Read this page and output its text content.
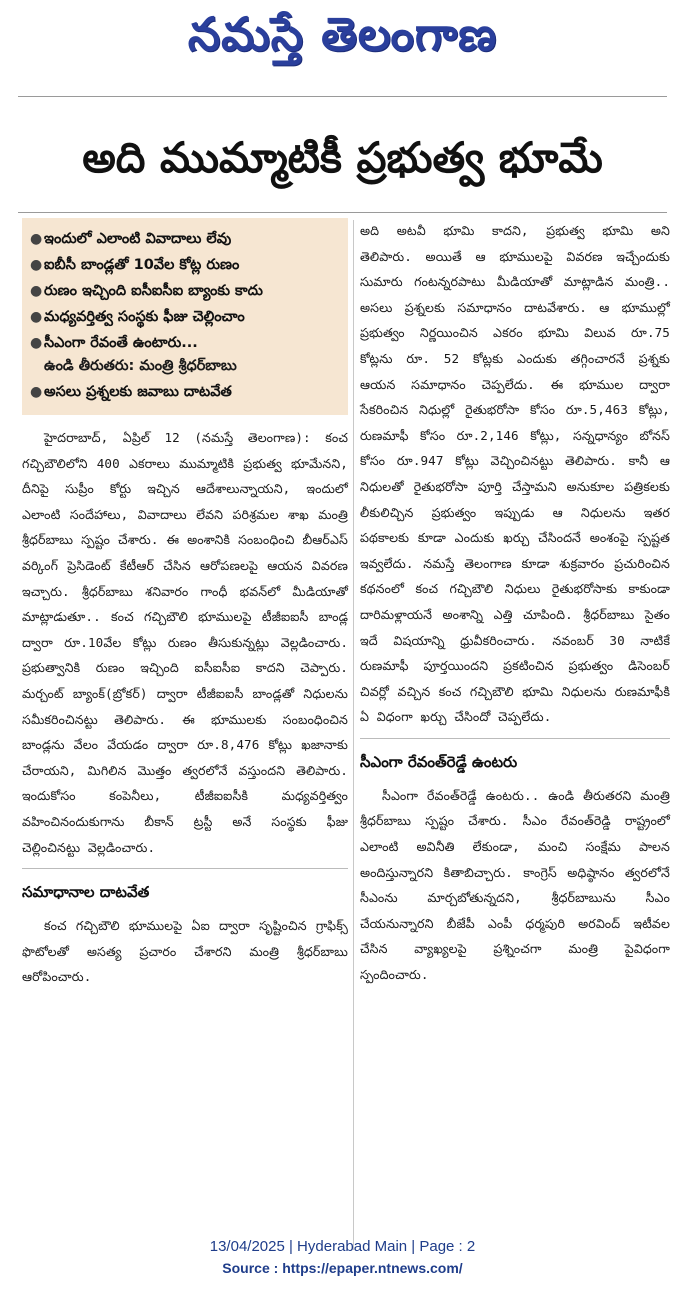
నమస్తే తెలంగాణ
అది ముమ్మాటికీ ప్రభుత్వ భూమే
● ఇందులో ఎలాంటి వివాదాలు లేవు
● ఐబీసీ బాండ్లతో 10వేల కోట్ల రుణం
● రుణం ఇచ్చింది ఐసీఐసీఐ బ్యాంకు కాదు
● మధ్యవర్తిత్వ సంస్థకు ఫీజు చెల్లించాం
● సీఎంగా రేవంతే ఉంటారు...
ఉండి తీరుతరు: మంత్రి శ్రీధర్‌బాబు
● అసలు ప్రశ్నలకు జవాబు దాటవేత

హైదరాబాద్, ఏప్రిల్ 12 (నమస్తే తెలంగాణ): కంచ గచ్చిబౌలిలోని 400 ఎకరాలు ముమ్మాటికి ప్రభుత్వ భూమేనని, దీనిపై సుప్రీం కోర్టు ఇచ్చిన ఆదేశాలున్నాయని, ఇందులో ఎలాంటి సందేహాలు, వివాదాలు లేవని పరిశ్రమల శాఖ మంత్రి శ్రీధర్‌బాబు స్పష్టం చేశారు. ఈ అంశానికి సంబంధించి బీఆర్‌ఎస్ వర్కింగ్ ప్రెసిడెంట్ కేటీఆర్ చేసిన ఆరోపణలపై ఆయన వివరణ ఇచ్చారు. శ్రీధర్‌బాబు శనివారం గాంధీ భవన్‌లో మీడియాతో మాట్లాడుతూ.. కంచ గచ్చిబౌలి భూములపై టీజీఐఐసీ బాండ్ల ద్వారా రూ.10వేల కోట్లు రుణం తీసుకున్నట్లు వెల్లడించారు. ప్రభుత్వానికి రుణం ఇచ్చింది ఐసీఐసీఐ కాదని చెప్పారు. మర్చంట్ బ్యాంక్(బ్రోకర్) ద్వారా టీజీఐఐసీ బాండ్లతో నిధులను సమీకరించినట్టు తెలిపారు. ఈ భూములకు సంబంధించిన బాండ్లను వేలం వేయడం ద్వారా రూ.8,476 కోట్లు ఖజానాకు చేరాయని, మిగిలిన మొత్తం త్వరలోనే వస్తుందని తెలిపారు. ఇందుకోసం కంపెనీలు, టీజీఐఐసీకి మధ్యవర్తిత్వం వహించినందుకుగాను బీకాన్ ట్రస్టీ అనే సంస్థకు ఫీజు చెల్లించినట్టు వెల్లడించారు.

సమాధానాల దాటవేత

కంచ గచ్చిబౌలి భూములపై ఏఐ ద్వారా సృష్టించిన గ్రాఫిక్స్ ఫొటోలతో అసత్య ప్రచారం చేశారని మంత్రి శ్రీధర్‌బాబు ఆరోపించారు.

అది అటవీ భూమి కాదని, ప్రభుత్వ భూమి అని తెలిపారు. అయితే ఆ భూములపై వివరణ ఇచ్చేందుకు సుమారు గంటన్నరపాటు మీడియాతో మాట్లాడిన మంత్రి.. అసలు ప్రశ్నలకు సమాధానం దాటవేశారు. ఆ భూముల్లో ప్రభుత్వం నిర్ణయించిన ఎకరం భూమి విలువ రూ.75 కోట్లను రూ. 52 కోట్లకు ఎందుకు తగ్గించారనే ప్రశ్నకు ఆయన సమాధానం చెప్పలేదు. ఈ భూముల ద్వారా సేకరించిన నిధుల్లో రైతుభరోసా కోసం రూ.5,463 కోట్లు, రుణమాఫీ కోసం రూ.2,146 కోట్లు, సన్నధాన్యం బోనస్ కోసం రూ.947 కోట్లు వెచ్చించినట్టు తెలిపారు. కానీ ఆ నిధులతో రైతుభరోసా పూర్తి చేస్తామని అనుకూల పత్రికలకు లీకులిచ్చిన ప్రభుత్వం ఇప్పుడు ఆ నిధులను ఇతర పథకాలకు కూడా ఎందుకు ఖర్చు చేసిందనే అంశంపై స్పష్టత ఇవ్వలేదు. నమస్తే తెలంగాణ కూడా శుక్రవారం ప్రచురించిన కథనంలో కంచ గచ్చిబౌలి నిధులు రైతుభరోసాకు కాకుండా దారిమళ్లాయనే అంశాన్ని ఎత్తి చూపింది. శ్రీధర్‌బాబు సైతం ఇదే విషయాన్ని ధ్రువీకరించారు. నవంబర్ 30 నాటికే రుణమాఫీ పూర్తయిందని ప్రకటించిన ప్రభుత్వం డిసెంబర్ చివర్లో వచ్చిన కంచ గచ్చిబౌలి భూమి నిధులను రుణమాఫీకి ఏ విధంగా ఖర్చు చేసిందో చెప్పలేదు.

సీఎంగా రేవంత్‌రెడ్డే ఉంటరు

సీఎంగా రేవంత్‌రెడ్డే ఉంటరు.. ఉండి తీరుతరని మంత్రి శ్రీధర్‌బాబు స్పష్టం చేశారు. సీఎం రేవంత్‌రెడ్డి రాష్ట్రంలో ఎలాంటి అవినీతి లేకుండా, మంచి సంక్షేమ పాలన అందిస్తున్నారని కితాబిచ్చారు. కాంగ్రెస్ అధిష్ఠానం త్వరలోనే సీఎంను మార్చబోతున్నదని, శ్రీధర్‌బాబును సీఎం చేయనున్నారని బీజేపీ ఎంపీ ధర్మపురి అరవింద్ ఇటీవల చేసిన వ్యాఖ్యలపై ప్రశ్నించగా మంత్రి పైవిధంగా స్పందించారు.

13/04/2025 | Hyderabad Main | Page : 2
Source : https://epaper.ntnews.com/
